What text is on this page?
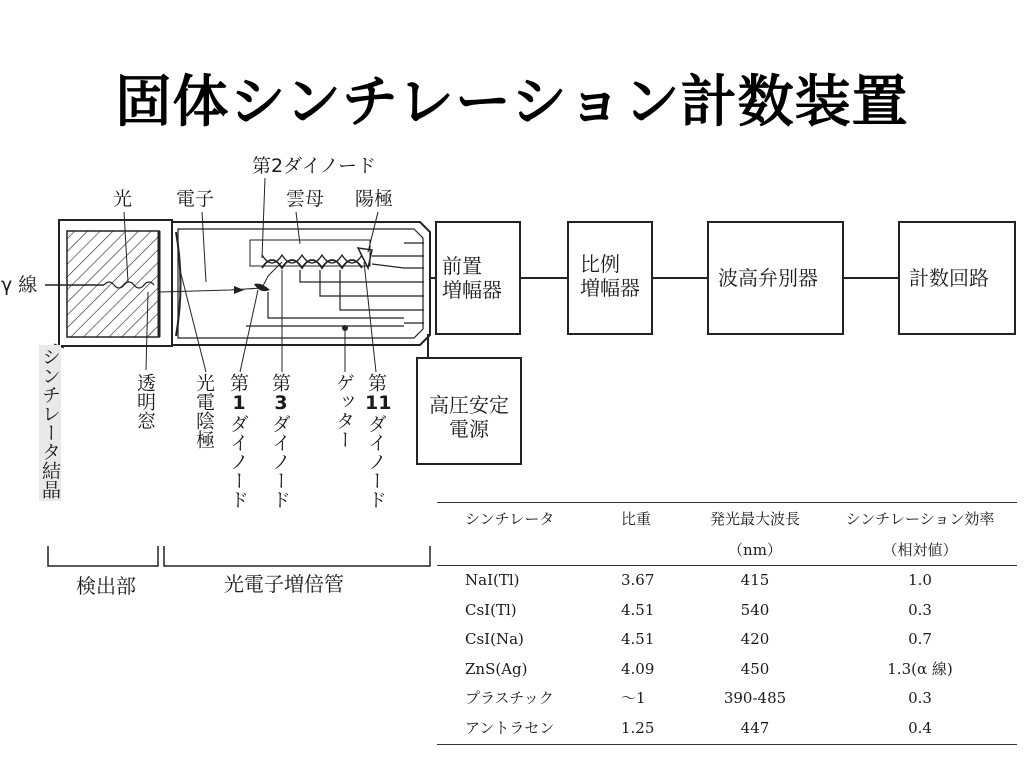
固体シンチレーション計数装置
光 電子
第2ダイノード
雲母 陽極
γ 線
シンチレータ結晶	透明窓 光電陰極 第
1
ダイノード
第
3
ダイノード
ゲッター 第
11
ダイノード
前置
増幅器
比例
増幅器	波高弁別器	計数回路
高圧安定
電源
検出部	光電子増倍管
シンチレータ	比重	発光最大波長	シンチレーション効率
		（nm）	（相対値）
NaI(Tl)	3.67	415	1.0
CsI(Tl)	4.51	540	0.3
CsI(Na)	4.51	420	0.7
ZnS(Ag)	4.09	450	1.3(α 線)
プラスチック	～1	390-485	0.3
アントラセン	1.25	447	0.4
